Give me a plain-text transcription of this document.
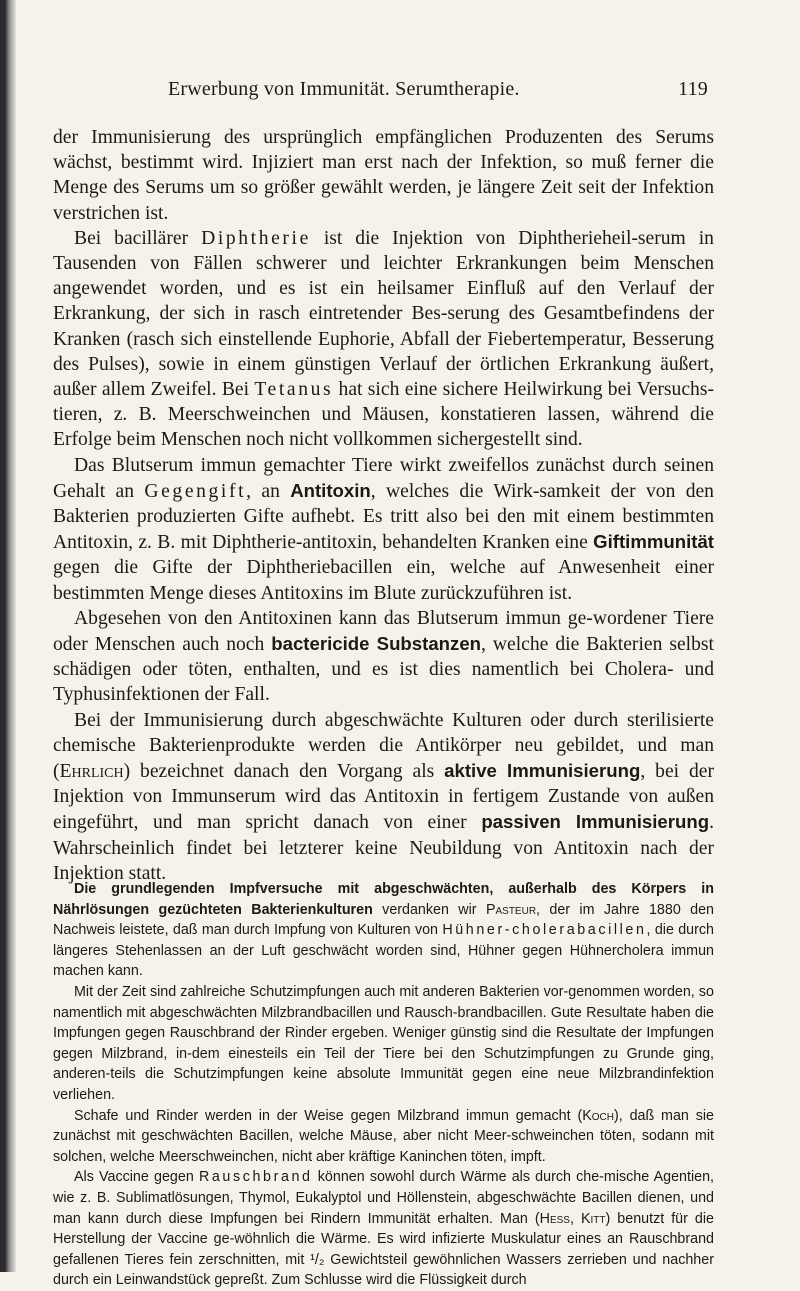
Erwerbung von Immunität. Serumtherapie.	119

der Immunisierung des ursprünglich empfänglichen Produzenten des Serums wächst, bestimmt wird. Injiziert man erst nach der Infektion, so muß ferner die Menge des Serums um so größer gewählt werden, je längere Zeit seit der Infektion verstrichen ist.

Bei bacillärer Diphtherie ist die Injektion von Diphtherieheil-serum in Tausenden von Fällen schwerer und leichter Erkrankungen beim Menschen angewendet worden, und es ist ein heilsamer Einfluß auf den Verlauf der Erkrankung, der sich in rasch eintretender Bes-serung des Gesamtbefindens der Kranken (rasch sich einstellende Euphorie, Abfall der Fiebertemperatur, Besserung des Pulses), sowie in einem günstigen Verlauf der örtlichen Erkrankung äußert, außer allem Zweifel. Bei Tetanus hat sich eine sichere Heilwirkung bei Versuchs-tieren, z. B. Meerschweinchen und Mäusen, konstatieren lassen, während die Erfolge beim Menschen noch nicht vollkommen sichergestellt sind.

Das Blutserum immun gemachter Tiere wirkt zweifellos zunächst durch seinen Gehalt an Gegengift, an Antitoxin, welches die Wirk-samkeit der von den Bakterien produzierten Gifte aufhebt. Es tritt also bei den mit einem bestimmten Antitoxin, z. B. mit Diphtherie-antitoxin, behandelten Kranken eine Giftimmunität gegen die Gifte der Diphtheriebacillen ein, welche auf Anwesenheit einer bestimmten Menge dieses Antitoxins im Blute zurückzuführen ist.

Abgesehen von den Antitoxinen kann das Blutserum immun ge-wordener Tiere oder Menschen auch noch bactericide Substanzen, welche die Bakterien selbst schädigen oder töten, enthalten, und es ist dies namentlich bei Cholera- und Typhusinfektionen der Fall.

Bei der Immunisierung durch abgeschwächte Kulturen oder durch sterilisierte chemische Bakterienprodukte werden die Antikörper neu gebildet, und man (Ehrlich) bezeichnet danach den Vorgang als aktive Immunisierung, bei der Injektion von Immunserum wird das Antitoxin in fertigem Zustande von außen eingeführt, und man spricht danach von einer passiven Immunisierung. Wahrscheinlich findet bei letzterer keine Neubildung von Antitoxin nach der Injektion statt.

Die grundlegenden Impfversuche mit abgeschwächten, außerhalb des Körpers in Nährlösungen gezüchteten Bakterienkulturen verdanken wir Pasteur, der im Jahre 1880 den Nachweis leistete, daß man durch Impfung von Kulturen von Hühner-cholerabacillen, die durch längeres Stehenlassen an der Luft geschwächt worden sind, Hühner gegen Hühnercholera immun machen kann.

Mit der Zeit sind zahlreiche Schutzimpfungen auch mit anderen Bakterien vor-genommen worden, so namentlich mit abgeschwächten Milzbrandbacillen und Rausch-brandbacillen. Gute Resultate haben die Impfungen gegen Rauschbrand der Rinder ergeben. Weniger günstig sind die Resultate der Impfungen gegen Milzbrand, in-dem einesteils ein Teil der Tiere bei den Schutzimpfungen zu Grunde ging, anderen-teils die Schutzimpfungen keine absolute Immunität gegen eine neue Milzbrandinfektion verliehen.

Schafe und Rinder werden in der Weise gegen Milzbrand immun gemacht (Koch), daß man sie zunächst mit geschwächten Bacillen, welche Mäuse, aber nicht Meer-schweinchen töten, sodann mit solchen, welche Meerschweinchen, nicht aber kräftige Kaninchen töten, impft.

Als Vaccine gegen Rauschbrand können sowohl durch Wärme als durch che-mische Agentien, wie z. B. Sublimatlösungen, Thymol, Eukalyptol und Höllenstein, abgeschwächte Bacillen dienen, und man kann durch diese Impfungen bei Rindern Immunität erhalten. Man (Hess, Kitt) benutzt für die Herstellung der Vaccine ge-wöhnlich die Wärme. Es wird infizierte Muskulatur eines an Rauschbrand gefallenen Tieres fein zerschnitten, mit ¹/₂ Gewichtsteil gewöhnlichen Wassers zerrieben und nachher durch ein Leinwandstück gepreßt. Zum Schlusse wird die Flüssigkeit durch
